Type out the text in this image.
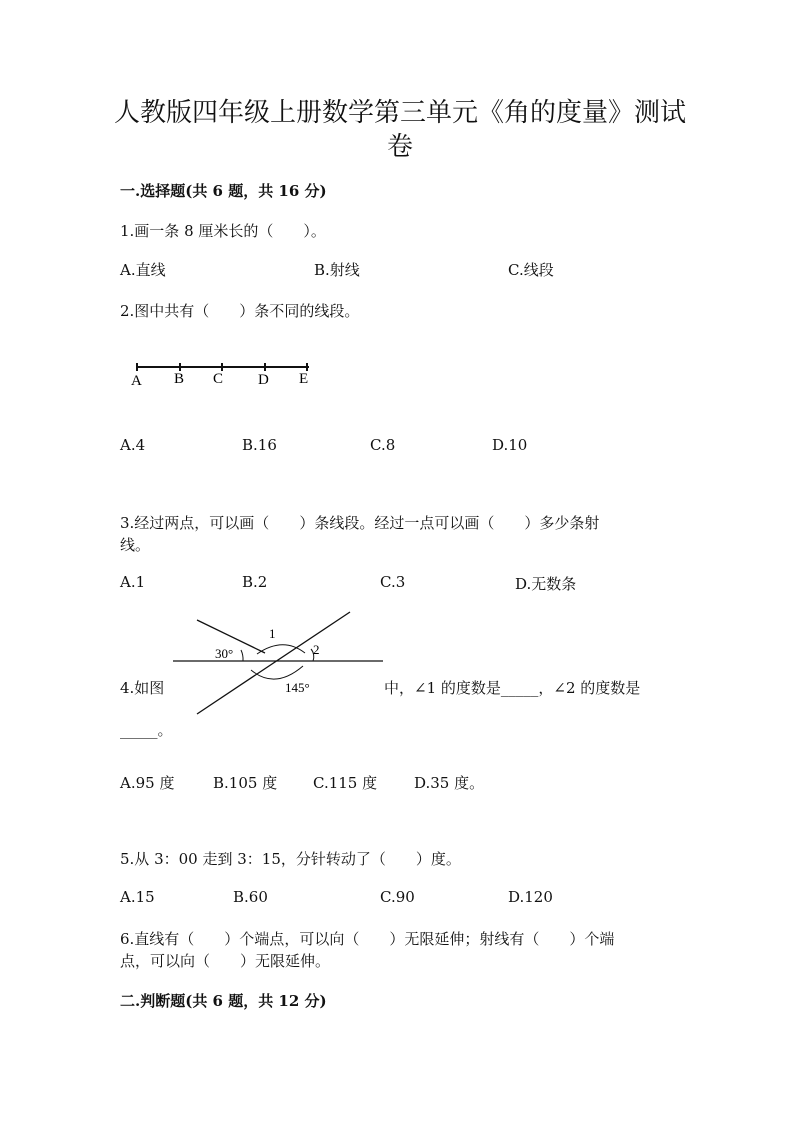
人教版四年级上册数学第三单元《角的度量》测试
卷
一.选择题(共 6 题，共 16 分)
1.画一条 8 厘米长的（　　）。
A.直线	B.射线	C.线段
2.图中共有（　　）条不同的线段。
A B C D E
A.4	B.16	C.8	D.10
3.经过两点，可以画（　　）条线段。经过一点可以画（　　）多少条射
线。
A.1	B.2	C.3	D.无数条
30°
1
2
145°
4.如图	中，∠1 的度数是_____，∠2 的度数是
_____。
A.95 度	B.105 度 C.115 度 D.35 度。
5.从 3：00 走到 3：15，分针转动了（　　）度。
A.15	B.60	C.90	D.120
6.直线有（　　）个端点，可以向（　　）无限延伸；射线有（　　）个端
点，可以向（　　）无限延伸。
二.判断题(共 6 题，共 12 分)
